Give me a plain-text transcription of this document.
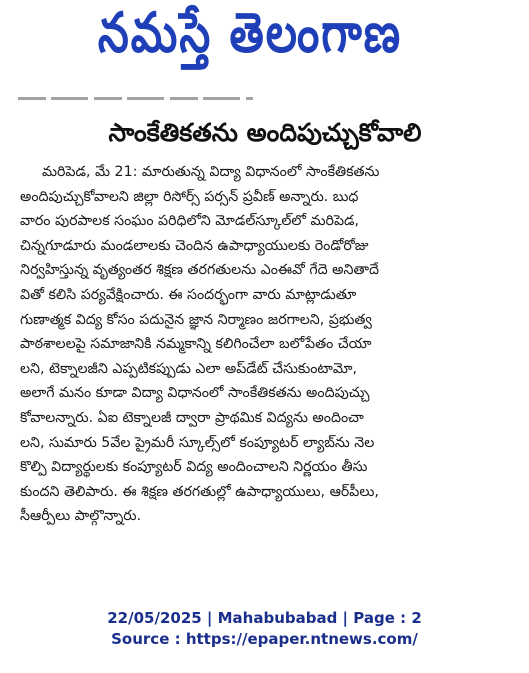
నమస్తే తెలంగాణ
సాంకేతికతను అందిపుచ్చుకోవాలి
మరిపెడ, మే 21: మారుతున్న విద్యా విధానంలో సాంకేతికతను
అందిపుచ్చుకోవాలని జిల్లా రిసోర్స్ పర్సన్ ప్రవీణ్ అన్నారు. బుధ
వారం పురపాలక సంఘం పరిధిలోని మోడల్‌స్కూల్‌లో మరిపెడ,
చిన్నగూడూరు మండలాలకు చెందిన ఉపాధ్యాయులకు రెండోరోజు
నిర్వహిస్తున్న వృత్యంతర శిక్షణ తరగతులను ఎంఈవో గేదె అనితాదే
వితో కలిసి పర్యవేక్షించారు. ఈ సందర్భంగా వారు మాట్లాడుతూ
గుణాత్మక విద్య కోసం పదునైన జ్ఞాన నిర్మాణం జరగాలని, ప్రభుత్వ
పాఠశాలలపై సమాజానికి నమ్మకాన్ని కలిగించేలా బలోపేతం చేయా
లని, టెక్నాలజీని ఎప్పటికప్పుడు ఎలా అప్‌డేట్ చేసుకుంటామో,
అలాగే మనం కూడా విద్యా విధానంలో సాంకేతికతను అందిపుచ్చు
కోవాలన్నారు. ఏఐ టెక్నాలజీ ద్వారా ప్రాథమిక విద్యను అందించా
లని, సుమారు 5వేల ప్రైమరీ స్కూల్స్‌లో కంప్యూటర్ ల్యాబ్‌ను నెల
కొల్పి విద్యార్థులకు కంప్యూటర్ విద్య అందించాలని నిర్ణయం తీసు
కుందని తెలిపారు. ఈ శిక్షణ తరగతుల్లో ఉపాధ్యాయులు, ఆర్‌పీలు,
సీఆర్పీలు పాల్గొన్నారు.
22/05/2025 | Mahabubabad | Page : 2
Source : https://epaper.ntnews.com/
